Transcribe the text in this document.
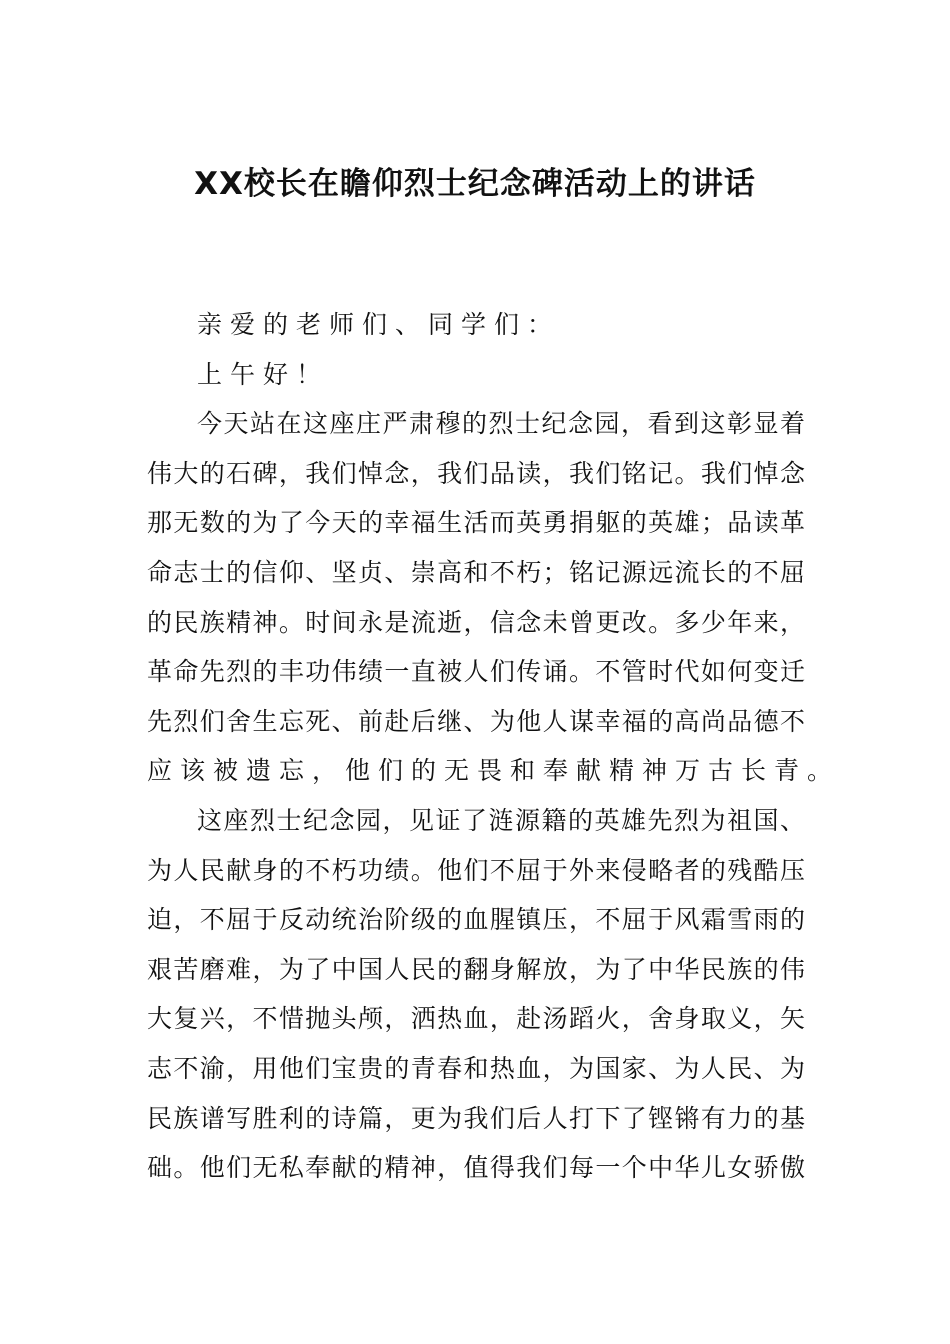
XX校长在瞻仰烈士纪念碑活动上的讲话
亲爱的老师们、同学们：
上午好！
今天站在这座庄严肃穆的烈士纪念园，看到这彰显着
伟大的石碑，我们悼念，我们品读，我们铭记。我们悼念
那无数的为了今天的幸福生活而英勇捐躯的英雄；品读革
命志士的信仰、坚贞、崇高和不朽；铭记源远流长的不屈
的民族精神。时间永是流逝，信念未曾更改。多少年来，
革命先烈的丰功伟绩一直被人们传诵。不管时代如何变迁
先烈们舍生忘死、前赴后继、为他人谋幸福的高尚品德不
应该被遗忘，他们的无畏和奉献精神万古长青。
这座烈士纪念园，见证了涟源籍的英雄先烈为祖国、
为人民献身的不朽功绩。他们不屈于外来侵略者的残酷压
迫，不屈于反动统治阶级的血腥镇压，不屈于风霜雪雨的
艰苦磨难，为了中国人民的翻身解放，为了中华民族的伟
大复兴，不惜抛头颅，洒热血，赴汤蹈火，舍身取义，矢
志不渝，用他们宝贵的青春和热血，为国家、为人民、为
民族谱写胜利的诗篇，更为我们后人打下了铿锵有力的基
础。他们无私奉献的精神，值得我们每一个中华儿女骄傲
